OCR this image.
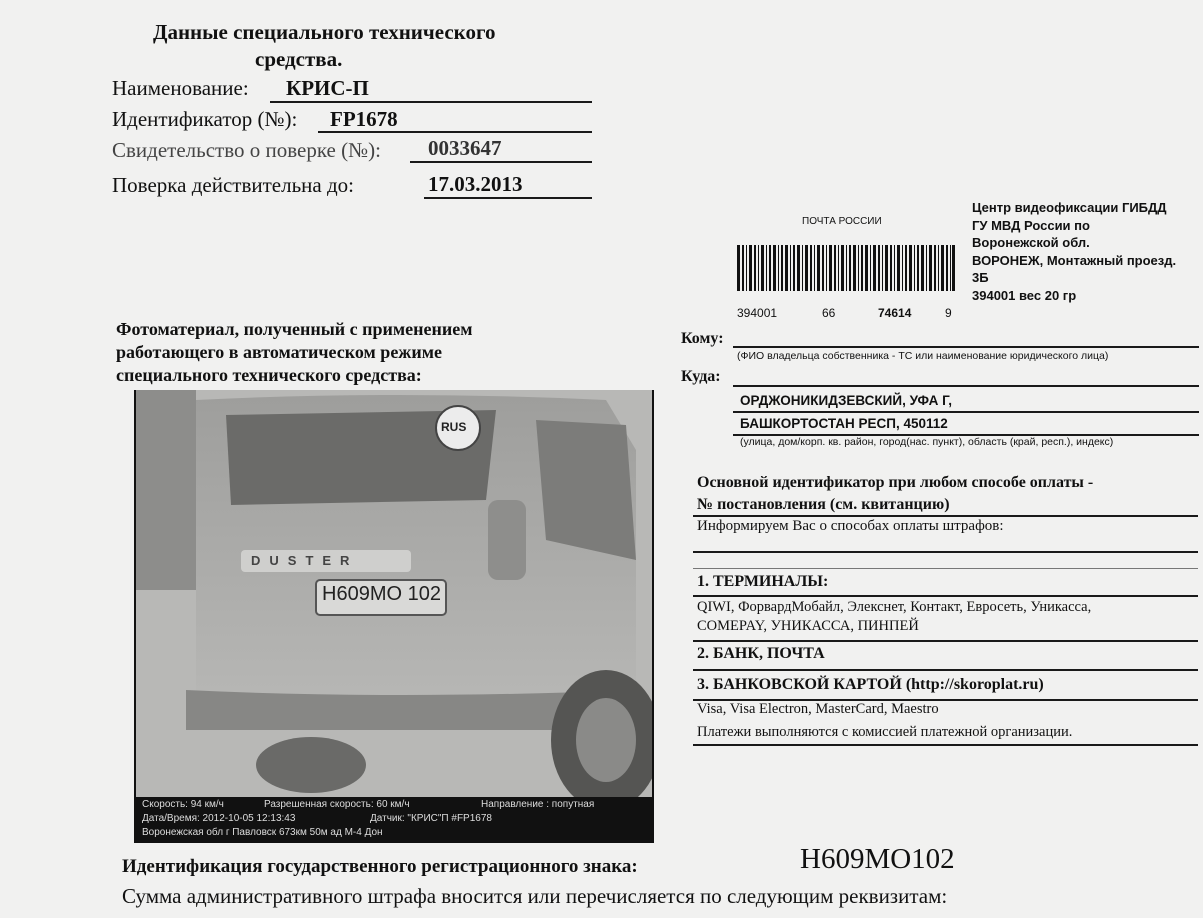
Данные специального технического
средства.
Наименование: КРИС-П
Идентификатор (№): FP1678
Свидетельство о поверке (№): 0033647
Поверка действительна до:	17.03.2013
ПОЧТА РОССИИ
Центр видеофиксации ГИБДД
ГУ МВД России по
Воронежской обл.
ВОРОНЕЖ, Монтажный проезд.
3Б
394001 вес 20 гр
394001	66	74614	9
Фотоматериал, полученный с применением
работающего в автоматическом режиме
специального технического средства:
Кому:
(ФИО владельца собственника - ТС или наименование юридического лица)
Куда:
ОРДЖОНИКИДЗЕВСКИЙ, УФА Г,
БАШКОРТОСТАН РЕСП, 450112
(улица, дом/корп. кв. район, город(нас. пункт), область (край, респ.), индекс)
Основной идентификатор при любом способе оплаты -
№ постановления (см. квитанцию)
Информируем Вас о способах оплаты штрафов:
1. ТЕРМИНАЛЫ:
QIWI, ФорвардМобайл, Элекснет, Контакт, Евросеть, Уникасса,
COMEPAY, УНИКАССА, ПИНПЕЙ
2. БАНК, ПОЧТА
3. БАНКОВСКОЙ КАРТОЙ (http://skoroplat.ru)
Visa, Visa Electron, MasterCard, Maestro
Платежи выполняются с комиссией платежной организации.
RUS
DUSTER
Н609МО 102
Скорость: 94 км/ч	Разрешенная скорость: 60 км/ч	Направление : попутная
Дата/Время: 2012-10-05 12:13:43	Датчик: "КРИС"П #FP1678
Воронежская обл г Павловск 673км 50м ад М-4 Дон
Идентификация государственного регистрационного знака:	Н609МО102
Сумма административного штрафа вносится или перечисляется по следующим реквизитам:
